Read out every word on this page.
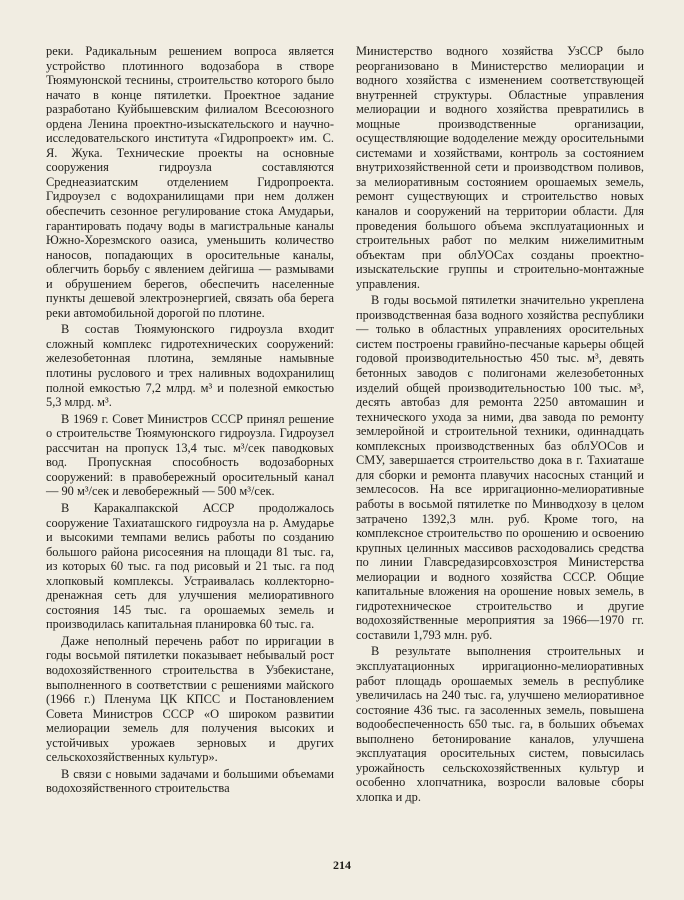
реки. Радикальным решением вопроса является устройство плотинного водозабора в створе Тюямуюнской теснины, строительство которого было начато в конце пятилетки. Проектное задание разработано Куйбышевским филиалом Всесоюзного ордена Ленина проектно-изыскательского и научно-исследовательского института «Гидропроект» им. С. Я. Жука. Технические проекты на основные сооружения гидроузла составляются Среднеазиатским отделением Гидропроекта. Гидроузел с водохранилищами при нем должен обеспечить сезонное регулирование стока Амударьи, гарантировать подачу воды в магистральные каналы Южно-Хорезмского оазиса, уменьшить количество наносов, попадающих в оросительные каналы, облегчить борьбу с явлением дейгиша — размывами и обрушением берегов, обеспечить населенные пункты дешевой электроэнергией, связать оба берега реки автомобильной дорогой по плотине.

В состав Тюямуюнского гидроузла входит сложный комплекс гидротехнических сооружений: железобетонная плотина, земляные намывные плотины руслового и трех наливных водохранилищ полной емкостью 7,2 млрд. м³ и полезной емкостью 5,3 млрд. м³.

В 1969 г. Совет Министров СССР принял решение о строительстве Тюямуюнского гидроузла. Гидроузел рассчитан на пропуск 13,4 тыс. м³/сек паводковых вод. Пропускная способность водозаборных сооружений: в правобережный оросительный канал — 90 м³/сек и левобережный — 500 м³/сек.

В Каракалпакской АССР продолжалось сооружение Тахиаташского гидроузла на р. Амударье и высокими темпами велись работы по созданию большого района рисосеяния на площади 81 тыс. га, из которых 60 тыс. га под рисовый и 21 тыс. га под хлопковый комплексы. Устраивалась коллекторно-дренажная сеть для улучшения мелиоративного состояния 145 тыс. га орошаемых земель и производилась капитальная планировка 60 тыс. га.

Даже неполный перечень работ по ирригации в годы восьмой пятилетки показывает небывалый рост водохозяйственного строительства в Узбекистане, выполненного в соответствии с решениями майского (1966 г.) Пленума ЦК КПСС и Постановлением Совета Министров СССР «О широком развитии мелиорации земель для получения высоких и устойчивых урожаев зерновых и других сельскохозяйственных культур».

В связи с новыми задачами и большими объемами водохозяйственного строительства

Министерство водного хозяйства УзССР было реорганизовано в Министерство мелиорации и водного хозяйства с изменением соответствующей внутренней структуры. Областные управления мелиорации и водного хозяйства превратились в мощные производственные организации, осуществляющие вододеление между оросительными системами и хозяйствами, контроль за состоянием внутрихозяйственной сети и производством поливов, за мелиоративным состоянием орошаемых земель, ремонт существующих и строительство новых каналов и сооружений на территории области. Для проведения большого объема эксплуатационных и строительных работ по мелким нижелимитным объектам при облУОСах созданы проектно-изыскательские группы и строительно-монтажные управления.

В годы восьмой пятилетки значительно укреплена производственная база водного хозяйства республики — только в областных управлениях оросительных систем построены гравийно-песчаные карьеры общей годовой производительностью 450 тыс. м³, девять бетонных заводов с полигонами железобетонных изделий общей производительностью 100 тыс. м³, десять автобаз для ремонта 2250 автомашин и технического ухода за ними, два завода по ремонту землеройной и строительной техники, одиннадцать комплексных производственных баз облУОСов и СМУ, завершается строительство дока в г. Тахиаташе для сборки и ремонта плавучих насосных станций и землесосов. На все ирригационно-мелиоративные работы в восьмой пятилетке по Минводхозу в целом затрачено 1392,3 млн. руб. Кроме того, на комплексное строительство по орошению и освоению крупных целинных массивов расходовались средства по линии Главсредазирсовхозстроя Министерства мелиорации и водного хозяйства СССР. Общие капитальные вложения на орошение новых земель, в гидротехническое строительство и другие водохозяйственные мероприятия за 1966—1970 гг. составили 1,793 млн. руб.

В результате выполнения строительных и эксплуатационных ирригационно-мелиоративных работ площадь орошаемых земель в республике увеличилась на 240 тыс. га, улучшено мелиоративное состояние 436 тыс. га засоленных земель, повышена водообеспеченность 650 тыс. га, в больших объемах выполнено бетонирование каналов, улучшена эксплуатация оросительных систем, повысилась урожайность сельскохозяйственных культур и особенно хлопчатника, возросли валовые сборы хлопка и др.

214
